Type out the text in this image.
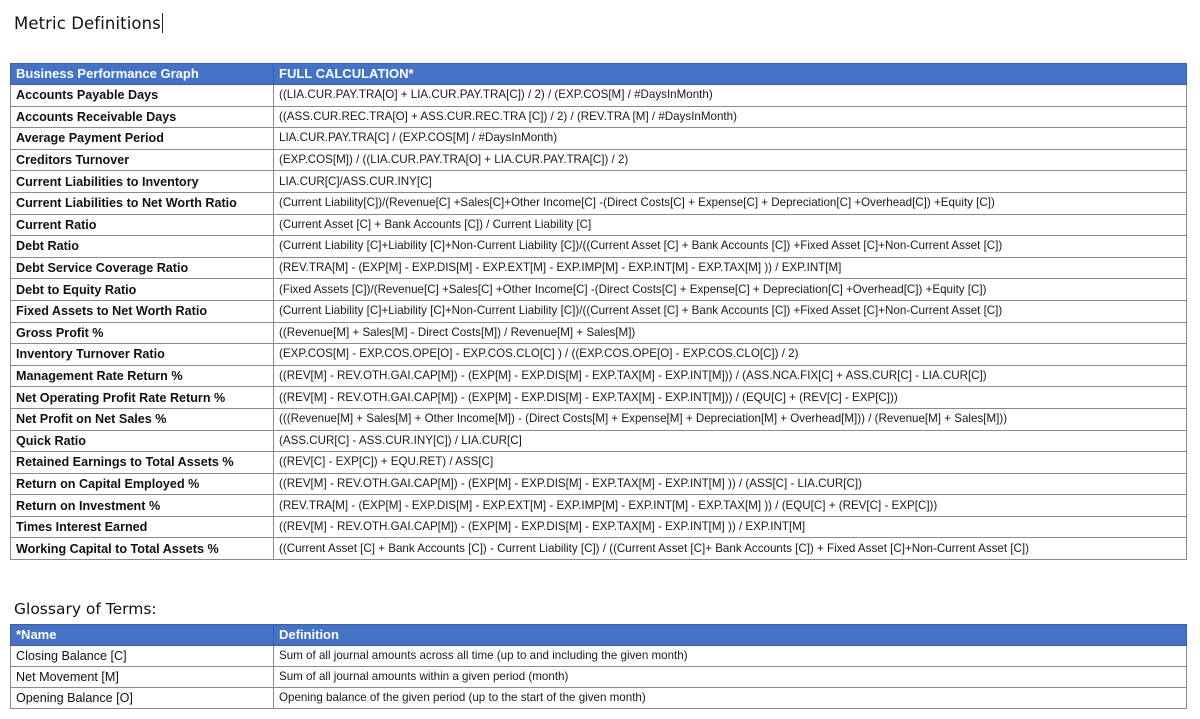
Metric Definitions
Business Performance Graph	FULL CALCULATION*
Accounts Payable Days	((LIA.CUR.PAY.TRA[O] + LIA.CUR.PAY.TRA[C]) / 2) / (EXP.COS[M] / #DaysInMonth)
Accounts Receivable Days	((ASS.CUR.REC.TRA[O] + ASS.CUR.REC.TRA [C]) / 2) / (REV.TRA [M] / #DaysInMonth)
Average Payment Period	LIA.CUR.PAY.TRA[C] / (EXP.COS[M] / #DaysInMonth)
Creditors Turnover	(EXP.COS[M]) / ((LIA.CUR.PAY.TRA[O] + LIA.CUR.PAY.TRA[C]) / 2)
Current Liabilities to Inventory	LIA.CUR[C]/ASS.CUR.INY[C]
Current Liabilities to Net Worth Ratio	(Current Liability[C])/(Revenue[C] +Sales[C]+Other Income[C] -(Direct Costs[C] + Expense[C] + Depreciation[C] +Overhead[C]) +Equity [C])
Current Ratio	(Current Asset [C] + Bank Accounts [C]) / Current Liability [C]
Debt Ratio	(Current Liability [C]+Liability [C]+Non-Current Liability [C])/((Current Asset [C] + Bank Accounts [C]) +Fixed Asset [C]+Non-Current Asset [C])
Debt Service Coverage Ratio	(REV.TRA[M] - (EXP[M] - EXP.DIS[M] - EXP.EXT[M] - EXP.IMP[M] - EXP.INT[M] - EXP.TAX[M] )) / EXP.INT[M]
Debt to Equity Ratio	(Fixed Assets [C])/(Revenue[C] +Sales[C] +Other Income[C] -(Direct Costs[C] + Expense[C] + Depreciation[C] +Overhead[C]) +Equity [C])
Fixed Assets to Net Worth Ratio	(Current Liability [C]+Liability [C]+Non-Current Liability [C])/((Current Asset [C] + Bank Accounts [C]) +Fixed Asset [C]+Non-Current Asset [C])
Gross Profit %	((Revenue[M] + Sales[M] - Direct Costs[M]) / Revenue[M] + Sales[M])
Inventory Turnover Ratio	(EXP.COS[M] - EXP.COS.OPE[O] - EXP.COS.CLO[C] ) / ((EXP.COS.OPE[O] - EXP.COS.CLO[C]) / 2)
Management Rate Return %	((REV[M] - REV.OTH.GAI.CAP[M]) - (EXP[M] - EXP.DIS[M] - EXP.TAX[M] - EXP.INT[M])) / (ASS.NCA.FIX[C] + ASS.CUR[C] - LIA.CUR[C])
Net Operating Profit Rate Return %	((REV[M] - REV.OTH.GAI.CAP[M]) - (EXP[M] - EXP.DIS[M] - EXP.TAX[M] - EXP.INT[M])) / (EQU[C] + (REV[C] - EXP[C]))
Net Profit on Net Sales %	(((Revenue[M] + Sales[M] + Other Income[M]) - (Direct Costs[M] + Expense[M] + Depreciation[M] + Overhead[M])) / (Revenue[M] + Sales[M]))
Quick Ratio	(ASS.CUR[C] - ASS.CUR.INY[C]) / LIA.CUR[C]
Retained Earnings to Total Assets %	((REV[C] - EXP[C]) + EQU.RET) / ASS[C]
Return on Capital Employed %	((REV[M] - REV.OTH.GAI.CAP[M]) - (EXP[M] - EXP.DIS[M] - EXP.TAX[M] - EXP.INT[M] )) / (ASS[C] - LIA.CUR[C])
Return on Investment %	(REV.TRA[M] - (EXP[M] - EXP.DIS[M] - EXP.EXT[M] - EXP.IMP[M] - EXP.INT[M] - EXP.TAX[M] )) / (EQU[C] + (REV[C] - EXP[C]))
Times Interest Earned	((REV[M] - REV.OTH.GAI.CAP[M]) - (EXP[M] - EXP.DIS[M] - EXP.TAX[M] - EXP.INT[M] )) / EXP.INT[M]
Working Capital to Total Assets %	((Current Asset [C] + Bank Accounts [C]) - Current Liability [C]) / ((Current Asset [C]+ Bank Accounts [C]) + Fixed Asset [C]+Non-Current Asset [C])
Glossary of Terms:
*Name	Definition
Closing Balance [C]	Sum of all journal amounts across all time (up to and including the given month)
Net Movement [M]	Sum of all journal amounts within a given period (month)
Opening Balance [O]	Opening balance of the given period (up to the start of the given month)
